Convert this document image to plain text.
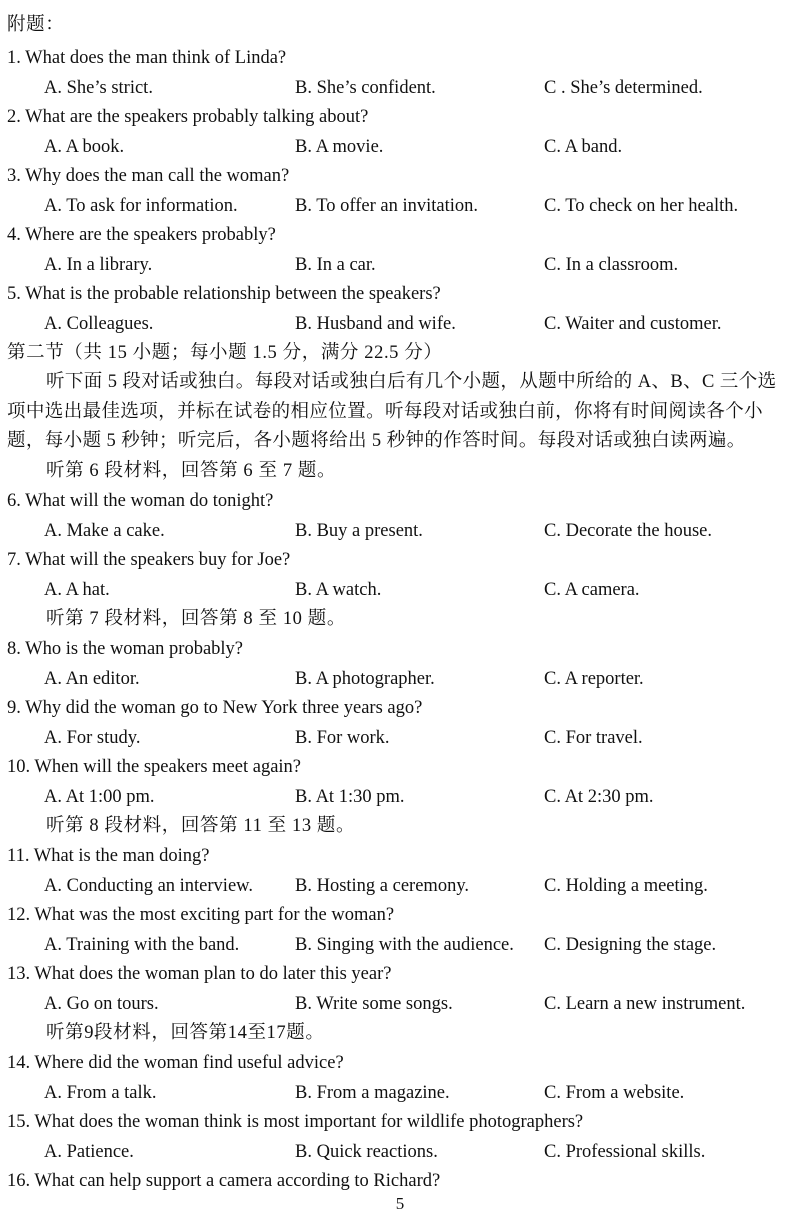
附题：
1. What does the man think of Linda?
A. She’s strict.	B. She’s confident.	C . She’s determined.
2. What are the speakers probably talking about?
A. A book.	B. A movie.	C. A band.
3. Why does the man call the woman?
A. To ask for information.	B. To offer an invitation.	C. To check on her health.
4. Where are the speakers probably?
A. In a library.	B. In a car.	C. In a classroom.
5. What is the probable relationship between the speakers?
A. Colleagues.	B. Husband and wife.	C. Waiter and customer.
第二节（共 15 小题；每小题 1.5 分，满分 22.5 分）
听下面 5 段对话或独白。每段对话或独白后有几个小题，从题中所给的 A、B、C 三个选项中选出最佳选项，并标在试卷的相应位置。听每段对话或独白前，你将有时间阅读各个小题，每小题 5 秒钟；听完后，各小题将给出 5 秒钟的作答时间。每段对话或独白读两遍。
听第 6 段材料，回答第 6 至 7 题。
6. What will the woman do tonight?
A. Make a cake.	B. Buy a present.	C. Decorate the house.
7. What will the speakers buy for Joe?
A. A hat.	B. A watch.	C. A camera.
听第 7 段材料，回答第 8 至 10 题。
8. Who is the woman probably?
A. An editor.	B. A photographer.	C. A reporter.
9. Why did the woman go to New York three years ago?
A. For study.	B. For work.	C. For travel.
10. When will the speakers meet again?
A. At 1:00 pm.	B. At 1:30 pm.	C. At 2:30 pm.
听第 8 段材料，回答第 11 至 13 题。
11. What is the man doing?
A. Conducting an interview. B. Hosting a ceremony.	C. Holding a meeting.
12. What was the most exciting part for the woman?
A. Training with the band.	B. Singing with the audience. C. Designing the stage.
13. What does the woman plan to do later this year?
A. Go on tours.	B. Write some songs.	C. Learn a new instrument.
听第9段材料，回答第14至17题。
14. Where did the woman find useful advice?
A. From a talk.	B. From a magazine.	C. From a website.
15. What does the woman think is most important for wildlife photographers?
A. Patience.	B. Quick reactions.	C. Professional skills.
16. What can help support a camera according to Richard?
5
